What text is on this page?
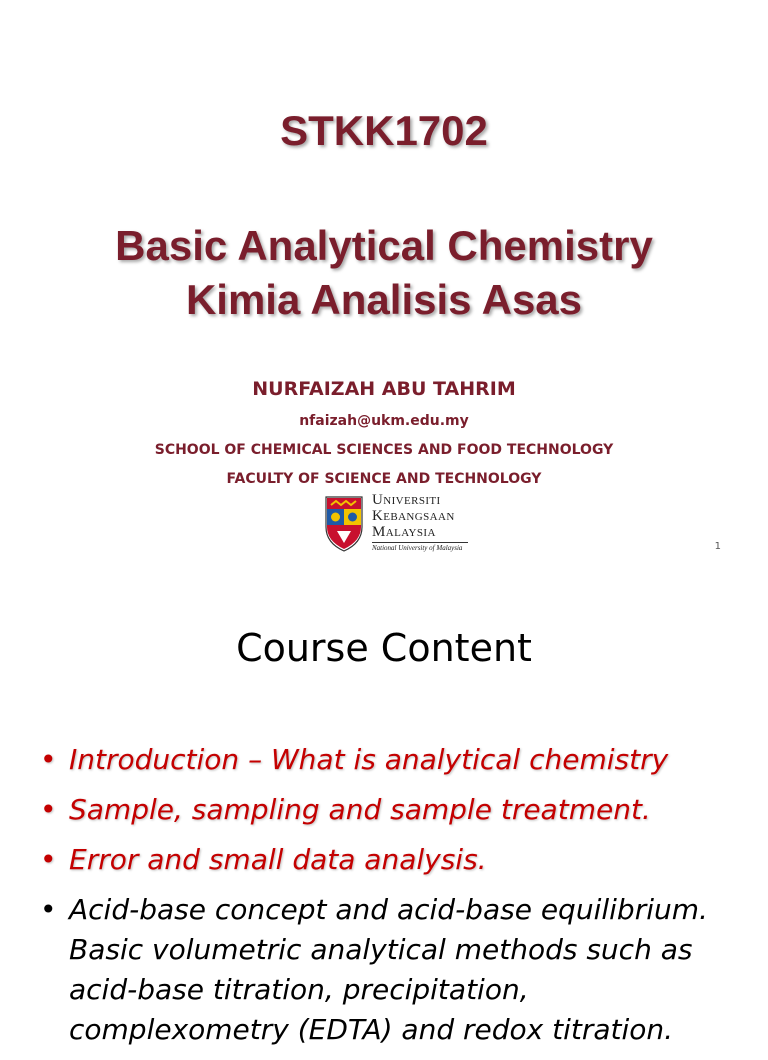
STKK1702
Basic Analytical Chemistry
Kimia Analisis Asas
NURFAIZAH ABU TAHRIM
nfaizah@ukm.edu.my
SCHOOL OF CHEMICAL SCIENCES AND FOOD TECHNOLOGY
FACULTY OF SCIENCE AND TECHNOLOGY
UNIVERSITI
KEBANGSAAN
MALAYSIA
National University of Malaysia	1
Course Content
• Introduction – What is analytical chemistry
• Sample, sampling and sample treatment.
• Error and small data analysis.
• Acid-base concept and acid-base equilibrium. Basic volumetric analytical methods such as acid-base titration, precipitation, complexometry (EDTA) and redox titration.
